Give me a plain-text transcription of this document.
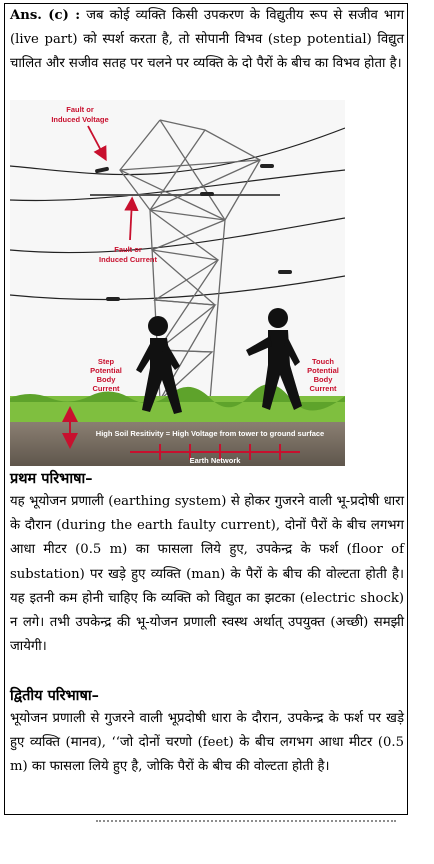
Ans. (c) : जब कोई व्यक्ति किसी उपकरण के विद्युतीय रूप से सजीव भाग (live part) को स्पर्श करता है, तो सोपानी विभव (step potential) विद्युत चालित और सजीव सतह पर चलने पर व्यक्ति के दो पैरों के बीच का विभव होता है।

Fault or
Induced Voltage
Fault or
Induced Current
Step
Potential
Body
Current
Touch
Potential
Body
Current
High Soil Resitivity = High Voltage from tower to ground surface
Earth Network
प्रथम परिभाषा–

यह भूयोजन प्रणाली (earthing system) से होकर गुजरने वाली भू-प्रदोषी धारा के दौरान (during the earth faulty current), दोनों पैरों के बीच लगभग आधा मीटर (0.5 m) का फासला लिये हुए, उपकेन्द्र के फर्श (floor of substation) पर खड़े हुए व्यक्ति (man) के पैरों के बीच की वोल्टता होती है। यह इतनी कम होनी चाहिए कि व्यक्ति को विद्युत का झटका (electric shock) न लगे। तभी उपकेन्द्र की भू-योजन प्रणाली स्वस्थ अर्थात् उपयुक्त (अच्छी) समझी जायेगी।

द्वितीय परिभाषा–

भूयोजन प्रणाली से गुजरने वाली भूप्रदोषी धारा के दौरान, उपकेन्द्र के फर्श पर खड़े हुए व्यक्ति (मानव), ‘‘जो दोनों चरणो (feet) के बीच लगभग आधा मीटर (0.5 m) का फासला लिये हुए है, जोकि पैरों के बीच की वोल्टता होती है।
